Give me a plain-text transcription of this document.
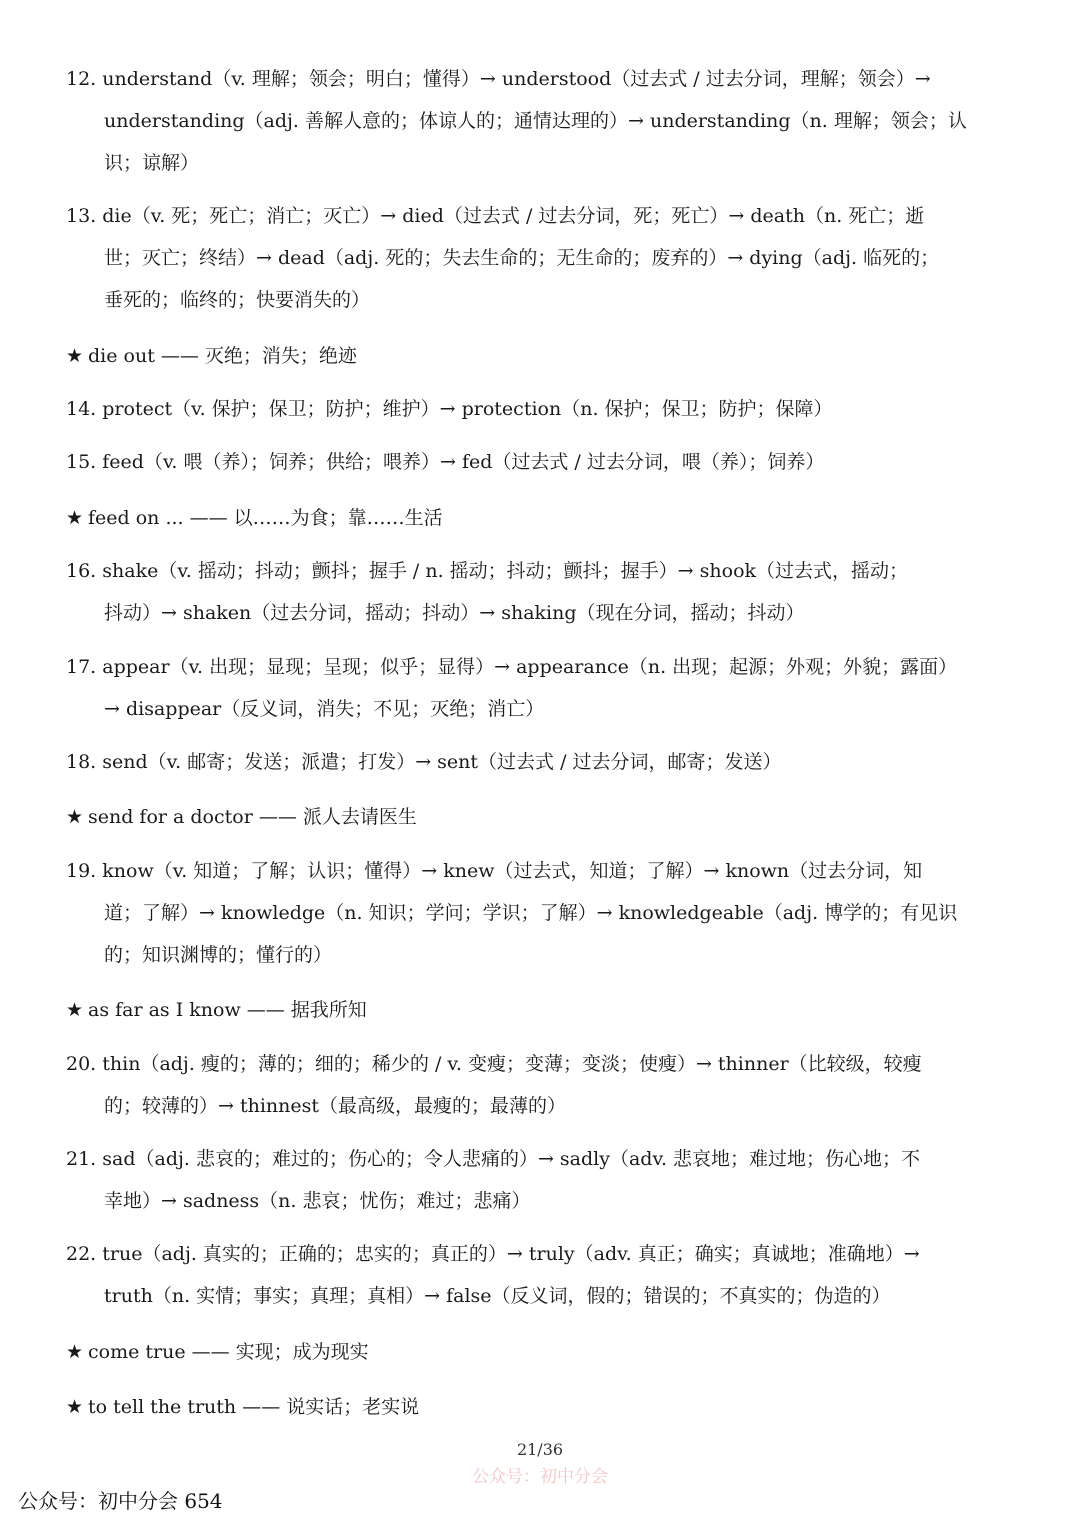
12. understand（v. 理解；领会；明白；懂得）→ understood（过去式 / 过去分词，理解；领会）→
understanding（adj. 善解人意的；体谅人的；通情达理的）→ understanding（n. 理解；领会；认
识；谅解）
13. die（v. 死；死亡；消亡；灭亡）→ died（过去式 / 过去分词，死；死亡）→ death（n. 死亡；逝
世；灭亡；终结）→ dead（adj. 死的；失去生命的；无生命的；废弃的）→ dying（adj. 临死的；
垂死的；临终的；快要消失的）
14. protect（v. 保护；保卫；防护；维护）→ protection（n. 保护；保卫；防护；保障）
15. feed（v. 喂（养）；饲养；供给；喂养）→ fed（过去式 / 过去分词，喂（养）；饲养）
16. shake（v. 摇动；抖动；颤抖；握手 / n. 摇动；抖动；颤抖；握手）→ shook（过去式，摇动；
抖动）→ shaken（过去分词，摇动；抖动）→ shaking（现在分词，摇动；抖动）
17. appear（v. 出现；显现；呈现；似乎；显得）→ appearance（n. 出现；起源；外观；外貌；露面）
→ disappear（反义词，消失；不见；灭绝；消亡）
18. send（v. 邮寄；发送；派遣；打发）→ sent（过去式 / 过去分词，邮寄；发送）
19. know（v. 知道；了解；认识；懂得）→ knew（过去式，知道；了解）→ known（过去分词，知
道；了解）→ knowledge（n. 知识；学问；学识；了解）→ knowledgeable（adj. 博学的；有见识
的；知识渊博的；懂行的）
20. thin（adj. 瘦的；薄的；细的；稀少的 / v. 变瘦；变薄；变淡；使瘦）→ thinner（比较级，较瘦
的；较薄的）→ thinnest（最高级，最瘦的；最薄的）
21. sad（adj. 悲哀的；难过的；伤心的；令人悲痛的）→ sadly（adv. 悲哀地；难过地；伤心地；不
幸地）→ sadness（n. 悲哀；忧伤；难过；悲痛）
22. true（adj. 真实的；正确的；忠实的；真正的）→ truly（adv. 真正；确实；真诚地；准确地）→
truth（n. 实情；事实；真理；真相）→ false（反义词，假的；错误的；不真实的；伪造的）
★ die out —— 灭绝；消失；绝迹
★ feed on ... —— 以……为食；靠……生活
★ send for a doctor —— 派人去请医生
★ as far as I know —— 据我所知
★ come true —— 实现；成为现实
★ to tell the truth —— 说实话；老实说
21/36
公众号：初中分会
公众号：初中分会 654
